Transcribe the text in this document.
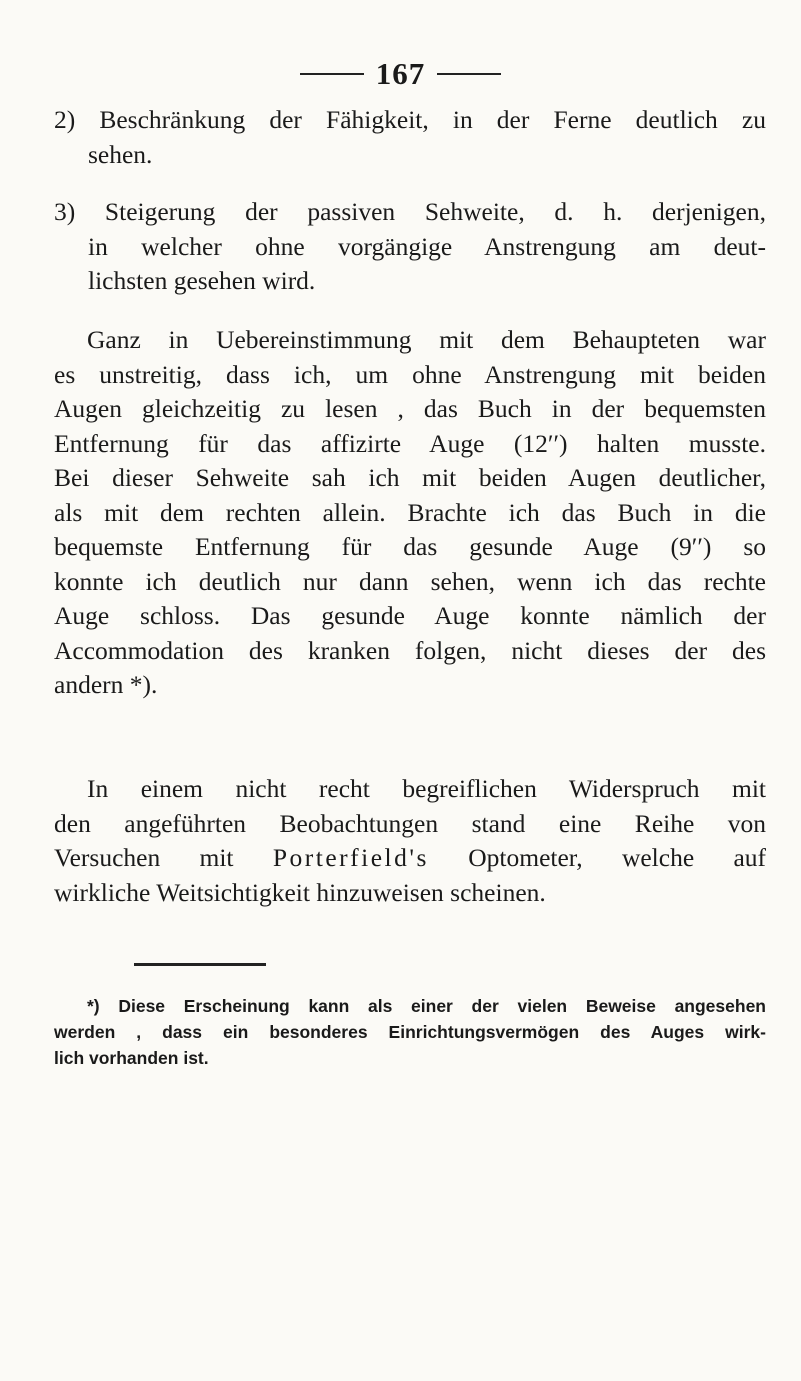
167

2) Beschränkung der Fähigkeit, in der Ferne deutlich zu
sehen.

3) Steigerung der passiven Sehweite, d. h. derjenigen,
in welcher ohne vorgängige Anstrengung am deut-
lichsten gesehen wird.

Ganz in Uebereinstimmung mit dem Behaupteten war
es unstreitig, dass ich, um ohne Anstrengung mit beiden
Augen gleichzeitig zu lesen , das Buch in der bequemsten
Entfernung für das affizirte Auge (12′′) halten musste.
Bei dieser Sehweite sah ich mit beiden Augen deutlicher,
als mit dem rechten allein. Brachte ich das Buch in die
bequemste Entfernung für das gesunde Auge (9′′) so
konnte ich deutlich nur dann sehen, wenn ich das rechte
Auge schloss. Das gesunde Auge konnte nämlich der
Accommodation des kranken folgen, nicht dieses der des
andern *).

In einem nicht recht begreiflichen Widerspruch mit
den angeführten Beobachtungen stand eine Reihe von
Versuchen mit Porterfield's Optometer, welche auf
wirkliche Weitsichtigkeit hinzuweisen scheinen.

*) Diese Erscheinung kann als einer der vielen Beweise angesehen
werden , dass ein besonderes Einrichtungsvermögen des Auges wirk-
lich vorhanden ist.
